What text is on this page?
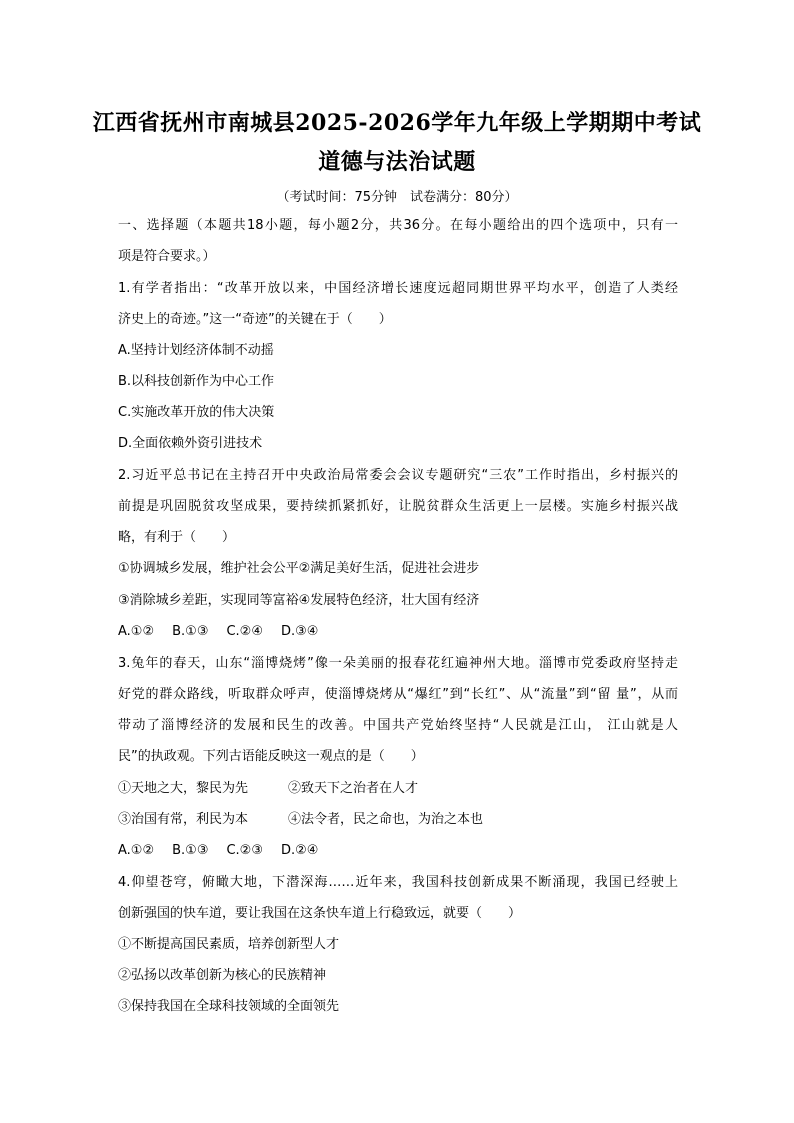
江西省抚州市南城县2025-2026学年九年级上学期期中考试
道德与法治试题
（考试时间：75分钟　试卷满分：80分）
一、选择题（本题共18小题，每小题2分，共36分。在每小题给出的四个选项中，只有一
项是符合要求。）
1.有学者指出：“改革开放以来，中国经济增长速度远超同期世界平均水平，创造了人类经
济史上的奇迹。”这一“奇迹”的关键在于（　　）
A.坚持计划经济体制不动摇
B.以科技创新作为中心工作
C.实施改革开放的伟大决策
D.全面依赖外资引进技术
2.习近平总书记在主持召开中央政治局常委会会议专题研究“三农”工作时指出，乡村振兴的
前提是巩固脱贫攻坚成果，要持续抓紧抓好，让脱贫群众生活更上一层楼。实施乡村振兴战
略，有利于（　　）
①协调城乡发展，维护社会公平②满足美好生活，促进社会进步
③消除城乡差距，实现同等富裕④发展特色经济，壮大国有经济
A.①② B.①③ C.②④ D.③④
3.兔年的春天，山东“淄博烧烤”像一朵美丽的报春花红遍神州大地。淄博市党委政府坚持走
好党的群众路线，听取群众呼声，使淄博烧烤从“爆红”到“长红”、从“流量”到“留 量”，从而
带动了淄博经济的发展和民生的改善。中国共产党始终坚持“人民就是江山， 江山就是人
民”的执政观。下列古语能反映这一观点的是（　　）
①天地之大，黎民为先	②致天下之治者在人才
③治国有常，利民为本	④法令者，民之命也，为治之本也
A.①② B.①③ C.②③ D.②④
4.仰望苍穹，俯瞰大地，下潜深海……近年来，我国科技创新成果不断涌现，我国已经驶上
创新强国的快车道，要让我国在这条快车道上行稳致远，就要（　　）
①不断提高国民素质，培养创新型人才
②弘扬以改革创新为核心的民族精神
③保持我国在全球科技领域的全面领先
